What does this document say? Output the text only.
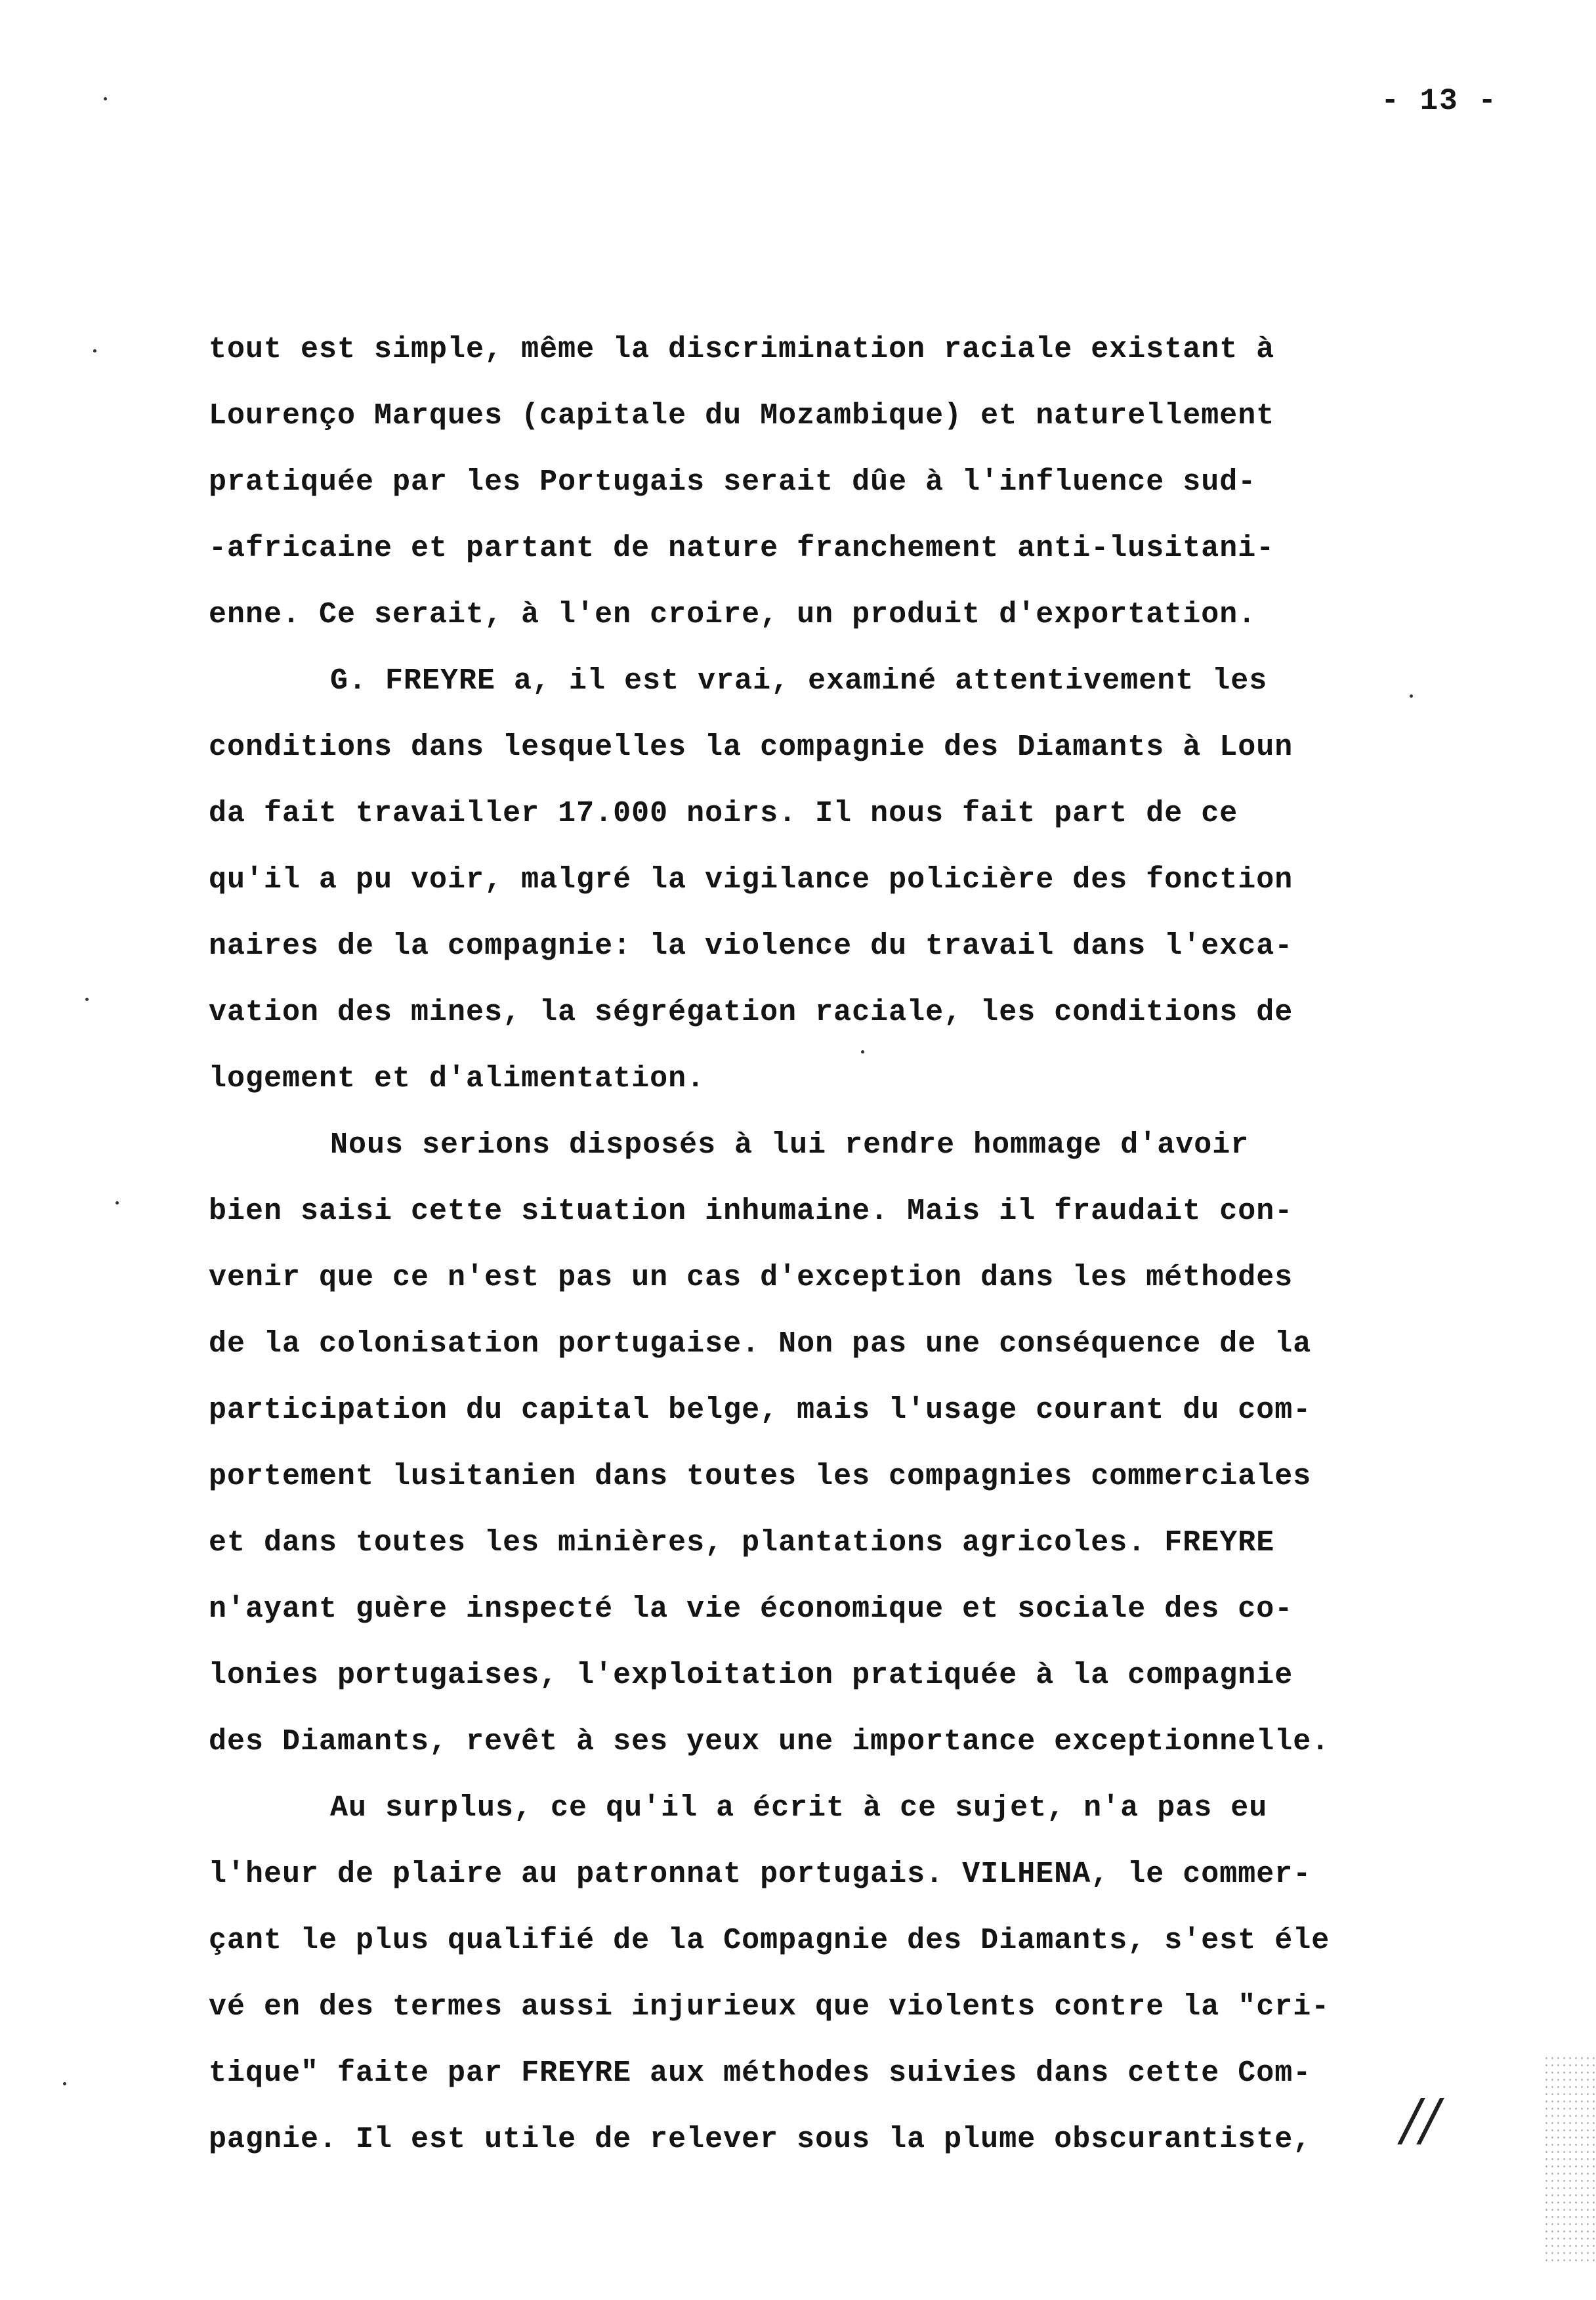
- 13 -
tout est simple, même la discrimination raciale existant à
Lourenço Marques (capitale du Mozambique) et naturellement
pratiquée par les Portugais serait dûe à l'influence sud-
-africaine et partant de nature franchement anti-lusitani-
enne. Ce serait, à l'en croire, un produit d'exportation.
G. FREYRE a, il est vrai, examiné attentivement les
conditions dans lesquelles la compagnie des Diamants à Loun
da fait travailler 17.000 noirs. Il nous fait part de ce
qu'il a pu voir, malgré la vigilance policière des fonction
naires de la compagnie: la violence du travail dans l'exca-
vation des mines, la ségrégation raciale, les conditions de
logement et d'alimentation.
Nous serions disposés à lui rendre hommage d'avoir
bien saisi cette situation inhumaine. Mais il fraudait con-
venir que ce n'est pas un cas d'exception dans les méthodes
de la colonisation portugaise. Non pas une conséquence de la
participation du capital belge, mais l'usage courant du com-
portement lusitanien dans toutes les compagnies commerciales
et dans toutes les minières, plantations agricoles. FREYRE
n'ayant guère inspecté la vie économique et sociale des co-
lonies portugaises, l'exploitation pratiquée à la compagnie
des Diamants, revêt à ses yeux une importance exceptionnelle.
Au surplus, ce qu'il a écrit à ce sujet, n'a pas eu
l'heur de plaire au patronnat portugais. VILHENA, le commer-
çant le plus qualifié de la Compagnie des Diamants, s'est éle
vé en des termes aussi injurieux que violents contre la "cri-
tique" faite par FREYRE aux méthodes suivies dans cette Com-
pagnie. Il est utile de relever sous la plume obscurantiste,	//
